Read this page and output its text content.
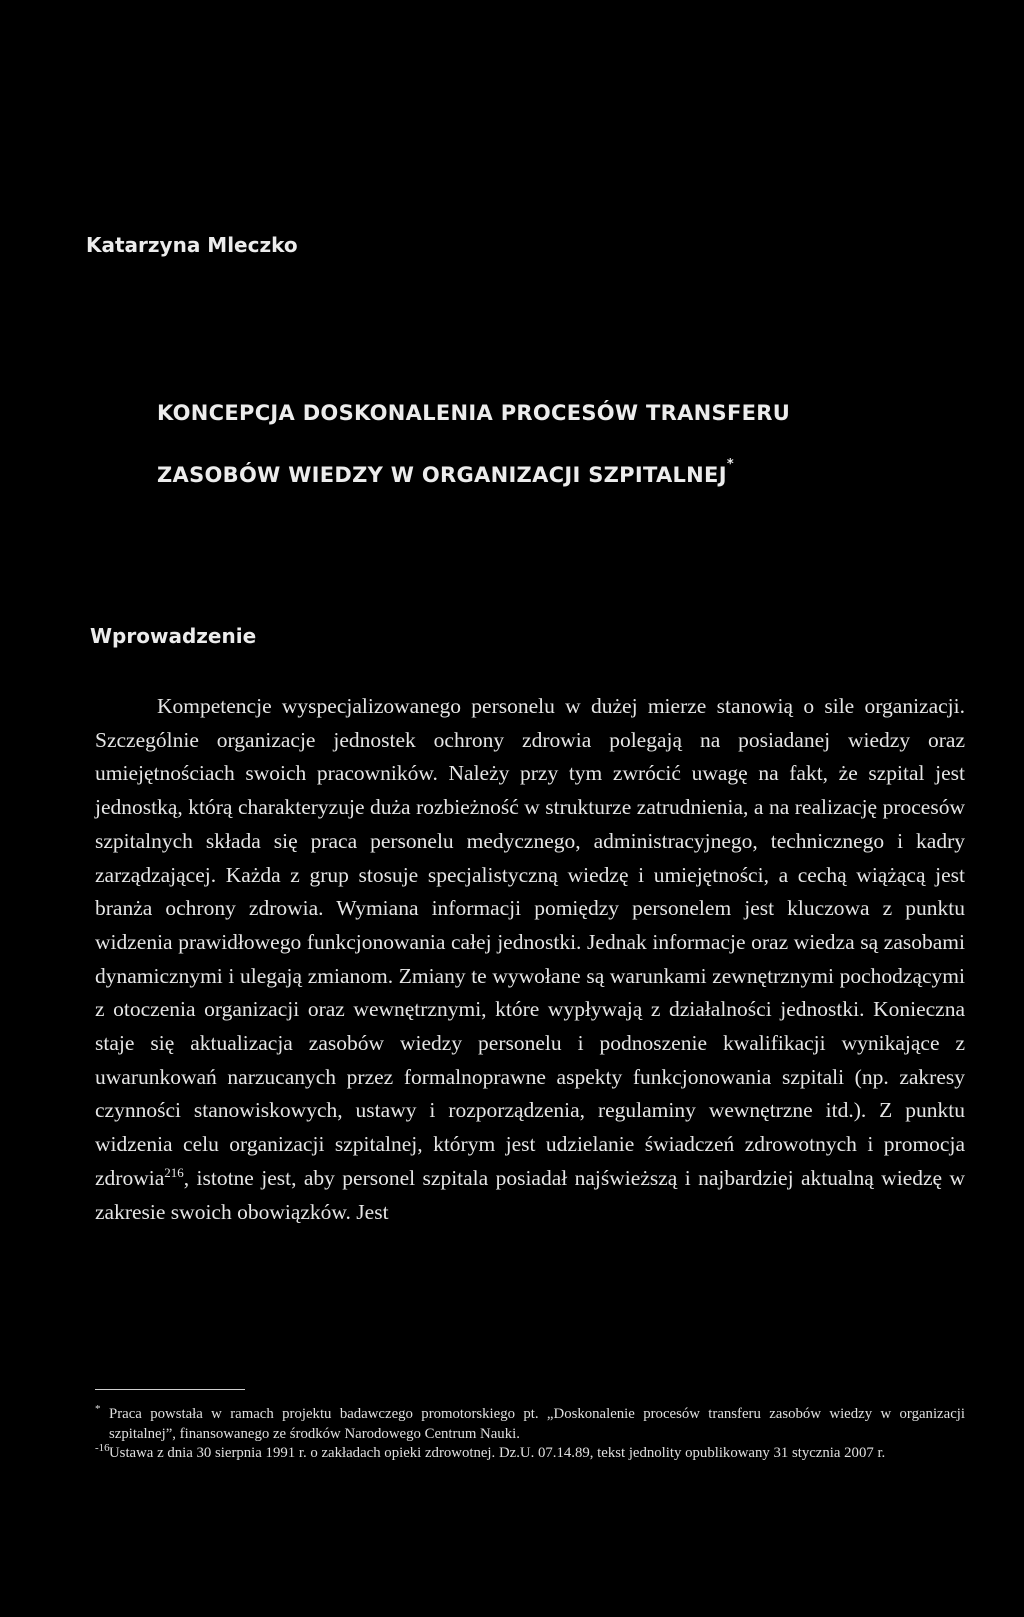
Katarzyna Mleczko
KONCEPCJA DOSKONALENIA PROCESÓW TRANSFERU
ZASOBÓW WIEDZY W ORGANIZACJI SZPITALNEJ*
Wprowadzenie

Kompetencje wyspecjalizowanego personelu w dużej mierze stanowią o sile organizacji. Szczególnie organizacje jednostek ochrony zdrowia polegają na posiadanej wiedzy oraz umiejętnościach swoich pracowników. Należy przy tym zwrócić uwagę na fakt, że szpital jest jednostką, którą charakteryzuje duża rozbieżność w strukturze zatrudnienia, a na realizację procesów szpitalnych składa się praca personelu medycznego, administracyjnego, technicznego i kadry zarządzającej. Każda z grup stosuje specjalistyczną wiedzę i umiejętności, a cechą wiążącą jest branża ochrony zdrowia. Wymiana informacji pomiędzy personelem jest kluczowa z punktu widzenia prawidłowego funkcjonowania całej jednostki. Jednak informacje oraz wiedza są zasobami dynamicznymi i ulegają zmianom. Zmiany te wywołane są warunkami zewnętrznymi pochodzącymi z otoczenia organizacji oraz wewnętrznymi, które wypływają z działalności jednostki. Konieczna staje się aktualizacja zasobów wiedzy personelu i podnoszenie kwalifikacji wynikające z uwarunkowań narzucanych przez formalnoprawne aspekty funkcjonowania szpitali (np. zakresy czynności stanowiskowych, ustawy i rozporządzenia, regulaminy wewnętrzne itd.). Z punktu widzenia celu organizacji szpitalnej, którym jest udzielanie świadczeń zdrowotnych i promocja zdrowia$^{216}$, istotne jest, aby personel szpitala posiadał najświeższą i najbardziej aktualną wiedzę w zakresie swoich obowiązków. Jest

* Praca powstała w ramach projektu badawczego promotorskiego pt. „Doskonalenie procesów transferu zasobów wiedzy w organizacji szpitalnej”, finansowanego ze środków Narodowego Centrum Nauki.
-16 Ustawa z dnia 30 sierpnia 1991 r. o zakładach opieki zdrowotnej. Dz.U. 07.14.89, tekst jednolity opublikowany 31 stycznia 2007 r.
